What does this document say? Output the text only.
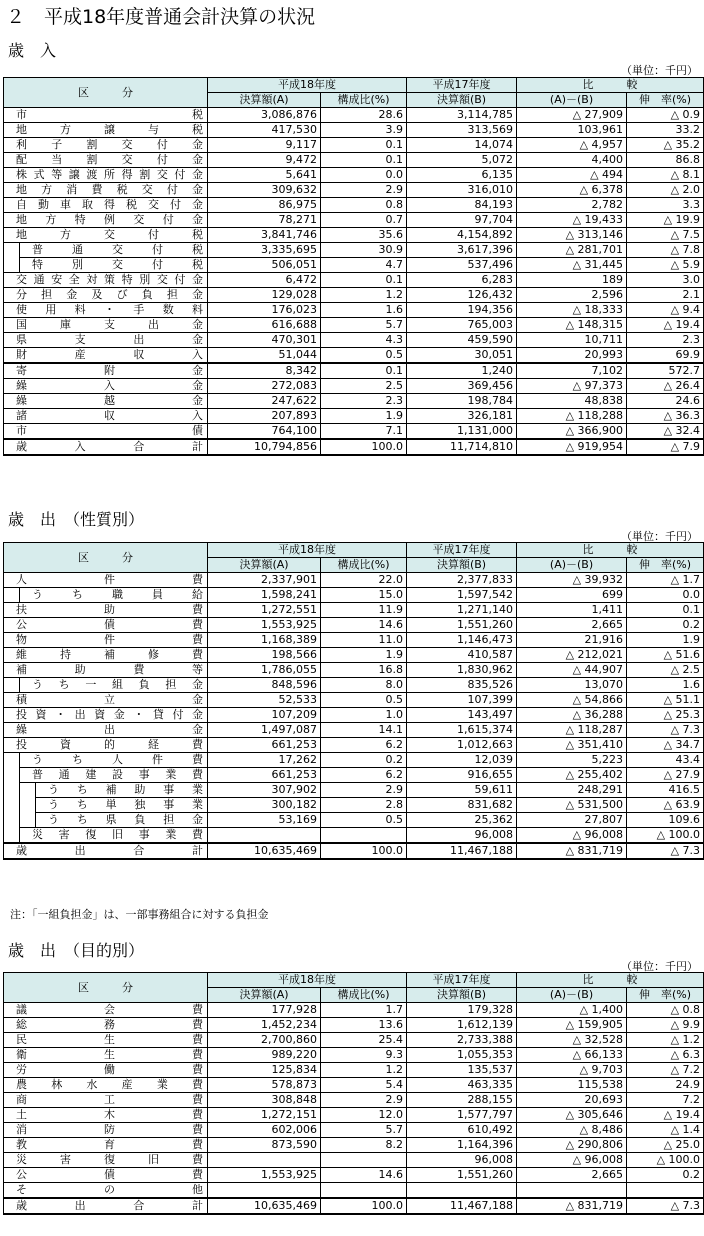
２　平成18年度普通会計決算の状況
歳　入
（単位：千円）
区　　　分		平成18年度		平成17年度	比　　　較	
		決算額(A)	構成比(%)	決算額(B)	(A)－(B)	伸　率(%)
市税		3,086,876	28.6	3,114,785	△ 27,909	△ 0.9
地方譲与税		417,530	3.9	313,569	103,961	33.2
利子割交付金		9,117	0.1	14,074	△ 4,957	△ 35.2
配当割交付金		9,472	0.1	5,072	4,400	86.8
株式等譲渡所得割交付金		5,641	0.0	6,135	△ 494	△ 8.1
地方消費税交付金		309,632	2.9	316,010	△ 6,378	△ 2.0
自動車取得税交付金		86,975	0.8	84,193	2,782	3.3
地方特例交付金		78,271	0.7	97,704	△ 19,433	△ 19.9
地方交付税		3,841,746	35.6	4,154,892	△ 313,146	△ 7.5
	普通交付税	3,335,695	30.9	3,617,396	△ 281,701	△ 7.8
	特別交付税	506,051	4.7	537,496	△ 31,445	△ 5.9
交通安全対策特別交付金		6,472	0.1	6,283	189	3.0
分担金及び負担金		129,028	1.2	126,432	2,596	2.1
使用料・手数料		176,023	1.6	194,356	△ 18,333	△ 9.4
国庫支出金		616,688	5.7	765,003	△ 148,315	△ 19.4
県支出金		470,301	4.3	459,590	10,711	2.3
財産収入		51,044	0.5	30,051	20,993	69.9
寄附金		8,342	0.1	1,240	7,102	572.7
繰入金		272,083	2.5	369,456	△ 97,373	△ 26.4
繰越金		247,622	2.3	198,784	48,838	24.6
諸収入		207,893	1.9	326,181	△ 118,288	△ 36.3
市債		764,100	7.1	1,131,000	△ 366,900	△ 32.4
歳入合計		10,794,856	100.0	11,714,810	△ 919,954	△ 7.9
歳　出　（性質別）
（単位：千円）
区　　　分			平成18年度		平成17年度	比　　　較	
			決算額(A)	構成比(%)	決算額(B)	(A)－(B)	伸　率(%)
人件費			2,337,901	22.0	2,377,833	△ 39,932	△ 1.7
	うち職員給		1,598,241	15.0	1,597,542	699	0.0
扶助費			1,272,551	11.9	1,271,140	1,411	0.1
公債費			1,553,925	14.6	1,551,260	2,665	0.2
物件費			1,168,389	11.0	1,146,473	21,916	1.9
維持補修費			198,566	1.9	410,587	△ 212,021	△ 51.6
補助費等			1,786,055	16.8	1,830,962	△ 44,907	△ 2.5
	うち一組負担金		848,596	8.0	835,526	13,070	1.6
積立金			52,533	0.5	107,399	△ 54,866	△ 51.1
投資・出資金・貸付金			107,209	1.0	143,497	△ 36,288	△ 25.3
繰出金			1,497,087	14.1	1,615,374	△ 118,287	△ 7.3
投資的経費			661,253	6.2	1,012,663	△ 351,410	△ 34.7
	うち人件費		17,262	0.2	12,039	5,223	43.4
	普通建設事業費		661,253	6.2	916,655	△ 255,402	△ 27.9
		うち補助事業	307,902	2.9	59,611	248,291	416.5
		うち単独事業	300,182	2.8	831,682	△ 531,500	△ 63.9
		うち県負担金	53,169	0.5	25,362	27,807	109.6
	災害復旧事業費				96,008	△ 96,008	△ 100.0
歳出合計			10,635,469	100.0	11,467,188	△ 831,719	△ 7.3
注：「一組負担金」は、一部事務組合に対する負担金
歳　出　（目的別）
（単位：千円）
区　　　分	平成18年度		平成17年度	比　　　較	
	決算額(A)	構成比(%)	決算額(B)	(A)－(B)	伸　率(%)
議会費	177,928	1.7	179,328	△ 1,400	△ 0.8
総務費	1,452,234	13.6	1,612,139	△ 159,905	△ 9.9
民生費	2,700,860	25.4	2,733,388	△ 32,528	△ 1.2
衛生費	989,220	9.3	1,055,353	△ 66,133	△ 6.3
労働費	125,834	1.2	135,537	△ 9,703	△ 7.2
農林水産業費	578,873	5.4	463,335	115,538	24.9
商工費	308,848	2.9	288,155	20,693	7.2
土木費	1,272,151	12.0	1,577,797	△ 305,646	△ 19.4
消防費	602,006	5.7	610,492	△ 8,486	△ 1.4
教育費	873,590	8.2	1,164,396	△ 290,806	△ 25.0
災害復旧費			96,008	△ 96,008	△ 100.0
公債費	1,553,925	14.6	1,551,260	2,665	0.2
その他					
歳出合計	10,635,469	100.0	11,467,188	△ 831,719	△ 7.3
